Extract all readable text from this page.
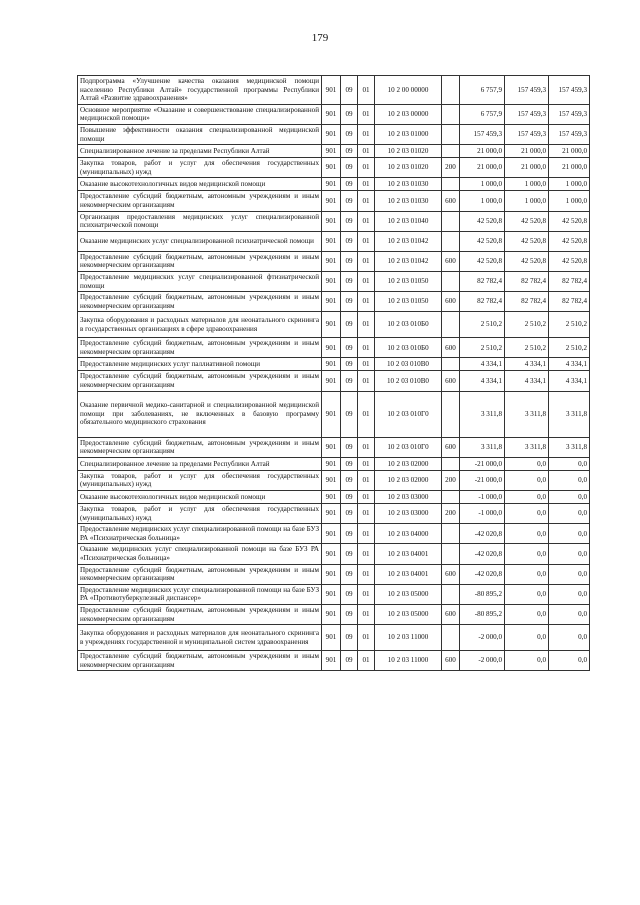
179
Подпрограмма «Улучшение качества оказания медицинской помощи населению Республики Алтай» государственной программы Республики Алтай «Развитие здравоохранения»	901	09	01	10 2 00 00000		6 757,9	157 459,3	157 459,3
Основное мероприятие «Оказание и совершенствование специализированной медицинской помощи»	901	09	01	10 2 03 00000		6 757,9	157 459,3	157 459,3
Повышение эффективности оказания специализированной медицинской помощи	901	09	01	10 2 03 01000		157 459,3	157 459,3	157 459,3
Специализированное лечение за пределами Республики Алтай	901	09	01	10 2 03 01020		21 000,0	21 000,0	21 000,0
Закупка товаров, работ и услуг для обеспечения государственных (муниципальных) нужд	901	09	01	10 2 03 01020	200	21 000,0	21 000,0	21 000,0
Оказание высокотехнологичных видов медицинской помощи	901	09	01	10 2 03 01030		1 000,0	1 000,0	1 000,0
Предоставление субсидий бюджетным, автономным учреждениям и иным некоммерческим организациям	901	09	01	10 2 03 01030	600	1 000,0	1 000,0	1 000,0
Организация предоставления медицинских услуг специализированной психиатрической помощи	901	09	01	10 2 03 01040		42 520,8	42 520,8	42 520,8
Оказание медицинских услуг специализированной психиатрической помощи	901	09	01	10 2 03 01042		42 520,8	42 520,8	42 520,8
Предоставление субсидий бюджетным, автономным учреждениям и иным некоммерческим организациям	901	09	01	10 2 03 01042	600	42 520,8	42 520,8	42 520,8
Предоставление медицинских услуг специализированной фтизиатрической помощи	901	09	01	10 2 03 01050		82 782,4	82 782,4	82 782,4
Предоставление субсидий бюджетным, автономным учреждениям и иным некоммерческим организациям	901	09	01	10 2 03 01050	600	82 782,4	82 782,4	82 782,4
Закупка оборудования и расходных материалов для неонатального скрининга в государственных организациях в сфере здравоохранения	901	09	01	10 2 03 010Б0		2 510,2	2 510,2	2 510,2
Предоставление субсидий бюджетным, автономным учреждениям и иным некоммерческим организациям	901	09	01	10 2 03 010Б0	600	2 510,2	2 510,2	2 510,2
Предоставление медицинских услуг паллиативной помощи	901	09	01	10 2 03 010В0		4 334,1	4 334,1	4 334,1
Предоставление субсидий бюджетным, автономным учреждениям и иным некоммерческим организациям	901	09	01	10 2 03 010В0	600	4 334,1	4 334,1	4 334,1
Оказание первичной медико-санитарной и специализированной медицинской помощи при заболеваниях, не включенных в базовую программу обязательного медицинского страхования	901	09	01	10 2 03 010Г0		3 311,8	3 311,8	3 311,8
Предоставление субсидий бюджетным, автономным учреждениям и иным некоммерческим организациям	901	09	01	10 2 03 010Г0	600	3 311,8	3 311,8	3 311,8
Специализированное лечение за пределами Республики Алтай	901	09	01	10 2 03 02000		-21 000,0	0,0	0,0
Закупка товаров, работ и услуг для обеспечения государственных (муниципальных) нужд	901	09	01	10 2 03 02000	200	-21 000,0	0,0	0,0
Оказание высокотехнологичных видов медицинской помощи	901	09	01	10 2 03 03000		-1 000,0	0,0	0,0
Закупка товаров, работ и услуг для обеспечения государственных (муниципальных) нужд	901	09	01	10 2 03 03000	200	-1 000,0	0,0	0,0
Предоставление медицинских услуг специализированной помощи на базе БУЗ РА «Психиатрическая больница»	901	09	01	10 2 03 04000		-42 020,8	0,0	0,0
Оказание медицинских услуг специализированной помощи на базе БУЗ РА «Психиатрическая больница»	901	09	01	10 2 03 04001		-42 020,8	0,0	0,0
Предоставление субсидий бюджетным, автономным учреждениям и иным некоммерческим организациям	901	09	01	10 2 03 04001	600	-42 020,8	0,0	0,0
Предоставление медицинских услуг специализированной помощи на базе БУЗ РА «Противотуберкулезный диспансер»	901	09	01	10 2 03 05000		-80 895,2	0,0	0,0
Предоставление субсидий бюджетным, автономным учреждениям и иным некоммерческим организациям	901	09	01	10 2 03 05000	600	-80 895,2	0,0	0,0
Закупка оборудования и расходных материалов для неонатального скрининга в учреждениях государственной и муниципальной систем здравоохранения	901	09	01	10 2 03 11000		-2 000,0	0,0	0,0
Предоставление субсидий бюджетным, автономным учреждениям и иным некоммерческим организациям	901	09	01	10 2 03 11000	600	-2 000,0	0,0	0,0
